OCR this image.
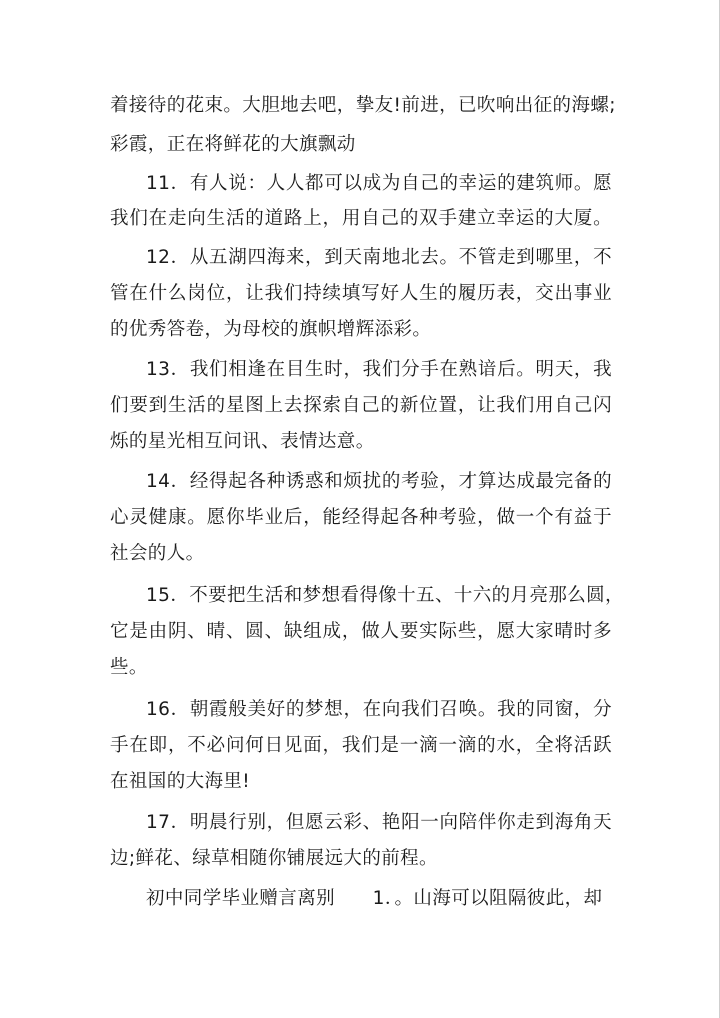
着接待的花束。大胆地去吧，挚友!前进，已吹响出征的海螺;
彩霞，正在将鲜花的大旗飘动
11．有人说：人人都可以成为自己的幸运的建筑师。愿
我们在走向生活的道路上，用自己的双手建立幸运的大厦。
12．从五湖四海来，到天南地北去。不管走到哪里，不
管在什么岗位，让我们持续填写好人生的履历表，交出事业
的优秀答卷，为母校的旗帜增辉添彩。
13．我们相逢在目生时，我们分手在熟谙后。明天，我
们要到生活的星图上去探索自己的新位置，让我们用自己闪
烁的星光相互问讯、表情达意。
14．经得起各种诱惑和烦扰的考验，才算达成最完备的
心灵健康。愿你毕业后，能经得起各种考验，做一个有益于
社会的人。
15．不要把生活和梦想看得像十五、十六的月亮那么圆，
它是由阴、晴、圆、缺组成，做人要实际些，愿大家晴时多
些。
16．朝霞般美好的梦想，在向我们召唤。我的同窗，分
手在即，不必问何日见面，我们是一滴一滴的水，全将活跃
在祖国的大海里!
17．明晨行别，但愿云彩、艳阳一向陪伴你走到海角天
边;鲜花、绿草相随你铺展远大的前程。
初中同学毕业赠言离别      1．。山海可以阻隔彼此，却
